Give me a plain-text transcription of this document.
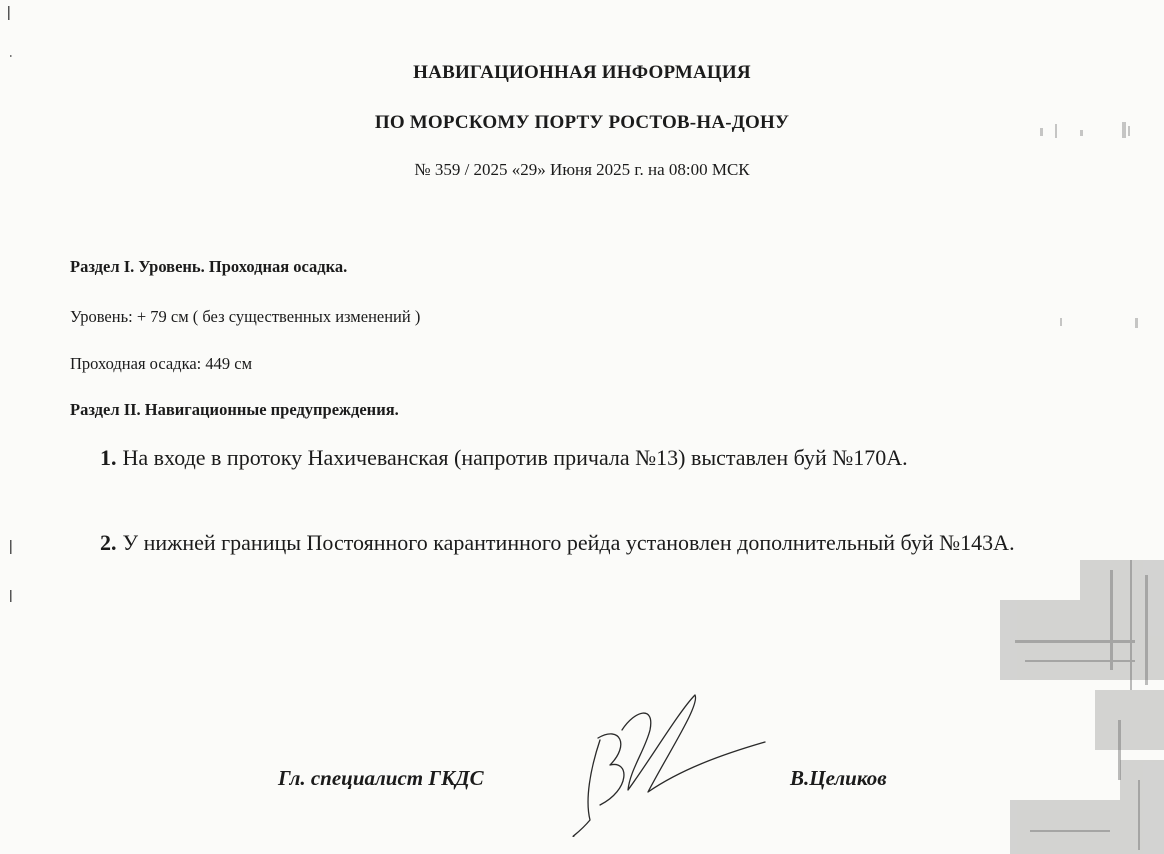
НАВИГАЦИОННАЯ ИНФОРМАЦИЯ

ПО МОРСКОМУ ПОРТУ РОСТОВ-НА-ДОНУ

№ 359 / 2025 «29» Июня 2025 г. на 08:00 МСК

Раздел I. Уровень. Проходная осадка.

Уровень: + 79 см ( без существенных изменений )

Проходная осадка: 449 см

Раздел II. Навигационные предупреждения.

1. На входе в протоку Нахичеванская (напротив причала №13) выставлен буй №170А.

2. У нижней границы Постоянного карантинного рейда установлен дополнительный буй №143А.

Гл. специалист ГКДС	В.Целиков
